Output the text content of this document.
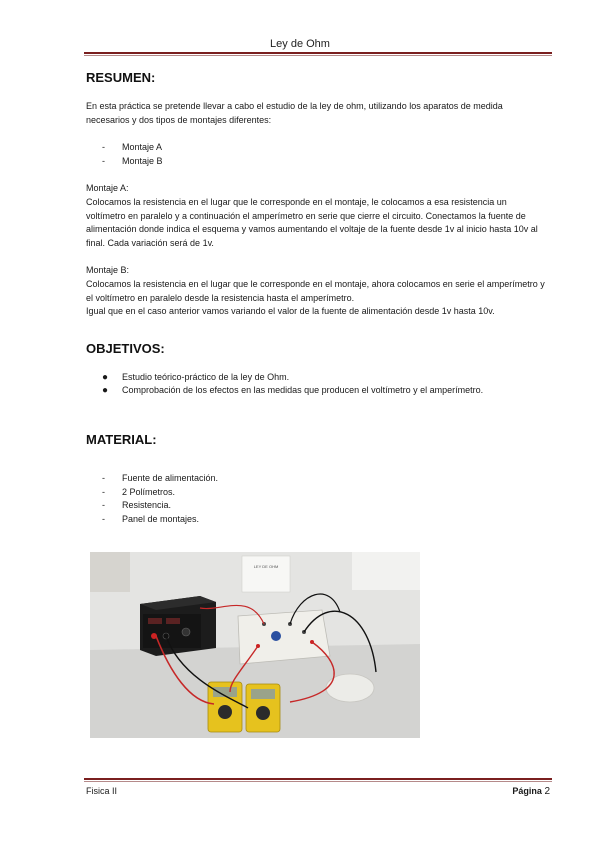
Ley de Ohm
RESUMEN:

En esta práctica se pretende llevar a cabo el estudio de la ley de ohm, utilizando los aparatos de medida necesarios y dos tipos de montajes diferentes:

- Montaje A
- Montaje B

Montaje A:

Colocamos la resistencia en el lugar que le corresponde en el montaje, le colocamos a esa resistencia un voltímetro en paralelo y a continuación el amperímetro en serie que cierre el circuito. Conectamos la fuente de alimentación donde indica el esquema y vamos aumentando el voltaje de la fuente desde 1v al inicio hasta 10v al final. Cada variación será de 1v.

Montaje B:

Colocamos la resistencia en el lugar que le corresponde en el montaje, ahora colocamos en serie el amperímetro y el voltímetro en paralelo desde la resistencia hasta el amperímetro.

Igual que en el caso anterior vamos variando el valor de la fuente de alimentación desde 1v hasta 10v.

OBJETIVOS:
● Estudio teórico-práctico de la ley de Ohm.
● Comprobación de los efectos en las medidas que producen el voltímetro y el amperímetro.
MATERIAL:
- Fuente de alimentación.
- 2 Polímetros.
- Resistencia.
- Panel de montajes.
LEY DE OHM
Fisica II	Página 2
